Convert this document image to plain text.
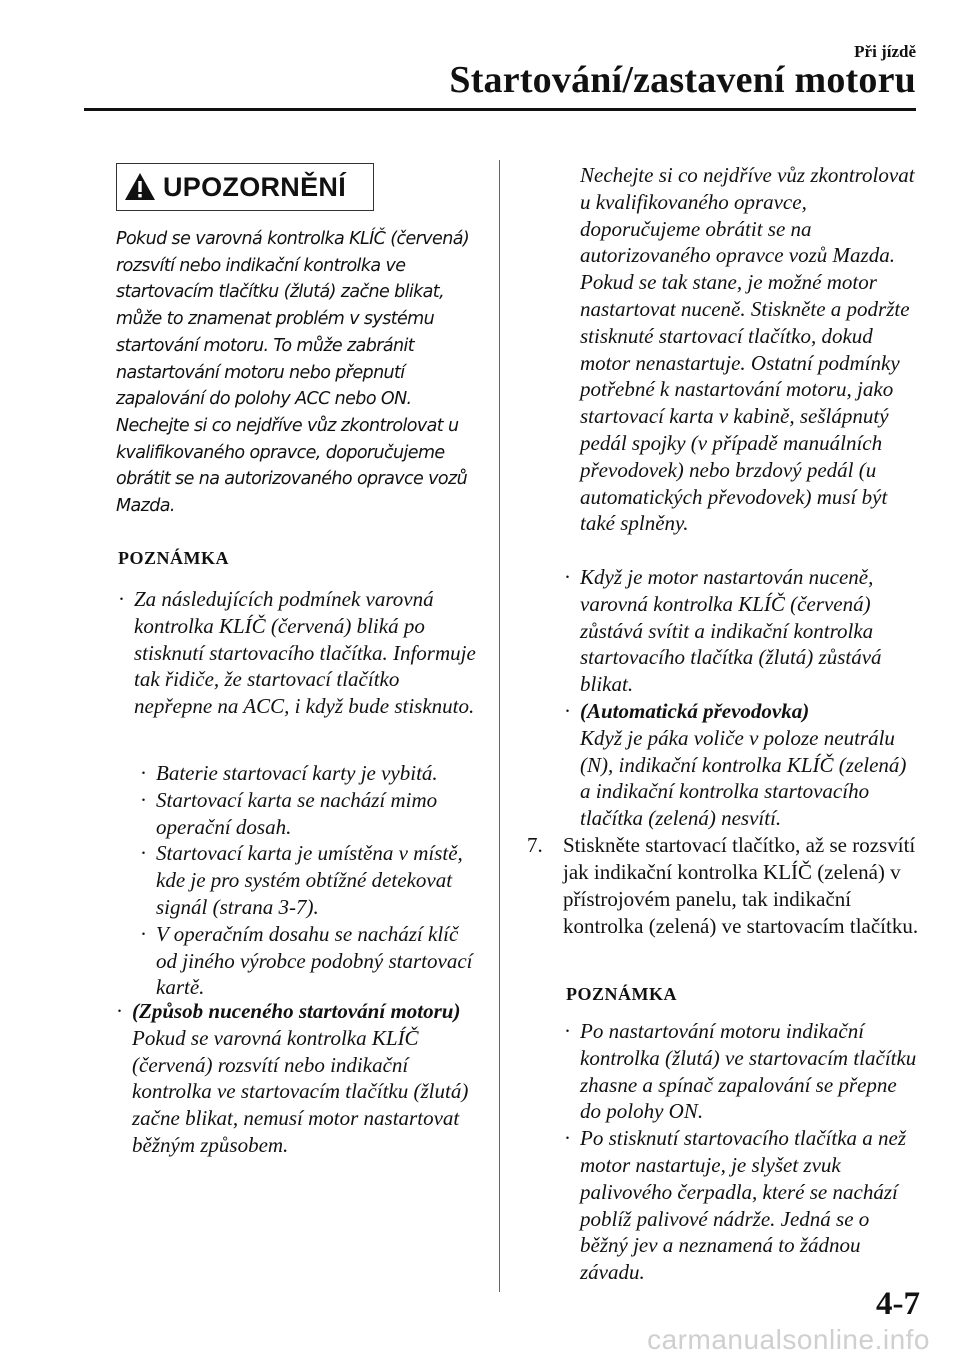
Při jízdě
Startování/zastavení motoru
UPOZORNĚNÍ
Pokud se varovná kontrolka KLÍČ (červená) rozsvítí nebo indikační kontrolka ve startovacím tlačítku (žlutá) začne blikat, může to znamenat problém v systému startování motoru. To může zabránit nastartování motoru nebo přepnutí zapalování do polohy ACC nebo ON. Nechejte si co nejdříve vůz zkontrolovat u kvalifikovaného opravce, doporučujeme obrátit se na autorizovaného opravce vozů Mazda.
POZNÁMKA
· Za následujících podmínek varovná kontrolka KLÍČ (červená) bliká po stisknutí startovacího tlačítka. Informuje tak řidiče, že startovací tlačítko nepřepne na ACC, i když bude stisknuto.
· Baterie startovací karty je vybitá.
· Startovací karta se nachází mimo operační dosah.
· Startovací karta je umístěna v místě, kde je pro systém obtížné detekovat signál (strana 3-7).
· V operačním dosahu se nachází klíč od jiného výrobce podobný startovací kartě.
· (Způsob nuceného startování motoru)
Pokud se varovná kontrolka KLÍČ (červená) rozsvítí nebo indikační kontrolka ve startovacím tlačítku (žlutá) začne blikat, nemusí motor nastartovat běžným způsobem.
Nechejte si co nejdříve vůz zkontrolovat u kvalifikovaného opravce, doporučujeme obrátit se na autorizovaného opravce vozů Mazda. Pokud se tak stane, je možné motor nastartovat nuceně. Stiskněte a podržte stisknuté startovací tlačítko, dokud motor nenastartuje. Ostatní podmínky potřebné k nastartování motoru, jako startovací karta v kabině, sešlápnutý pedál spojky (v případě manuálních převodovek) nebo brzdový pedál (u automatických převodovek) musí být také splněny.
· Když je motor nastartován nuceně, varovná kontrolka KLÍČ (červená) zůstává svítit a indikační kontrolka startovacího tlačítka (žlutá) zůstává blikat.
· (Automatická převodovka)
Když je páka voliče v poloze neutrálu (N), indikační kontrolka KLÍČ (zelená) a indikační kontrolka startovacího tlačítka (zelená) nesvítí.
7. Stiskněte startovací tlačítko, až se rozsvítí jak indikační kontrolka KLÍČ (zelená) v přístrojovém panelu, tak indikační kontrolka (zelená) ve startovacím tlačítku.
POZNÁMKA
· Po nastartování motoru indikační kontrolka (žlutá) ve startovacím tlačítku zhasne a spínač zapalování se přepne do polohy ON.
· Po stisknutí startovacího tlačítka a než motor nastartuje, je slyšet zvuk palivového čerpadla, které se nachází poblíž palivové nádrže. Jedná se o běžný jev a neznamená to žádnou závadu.
4-7
carmanualsonline.info
